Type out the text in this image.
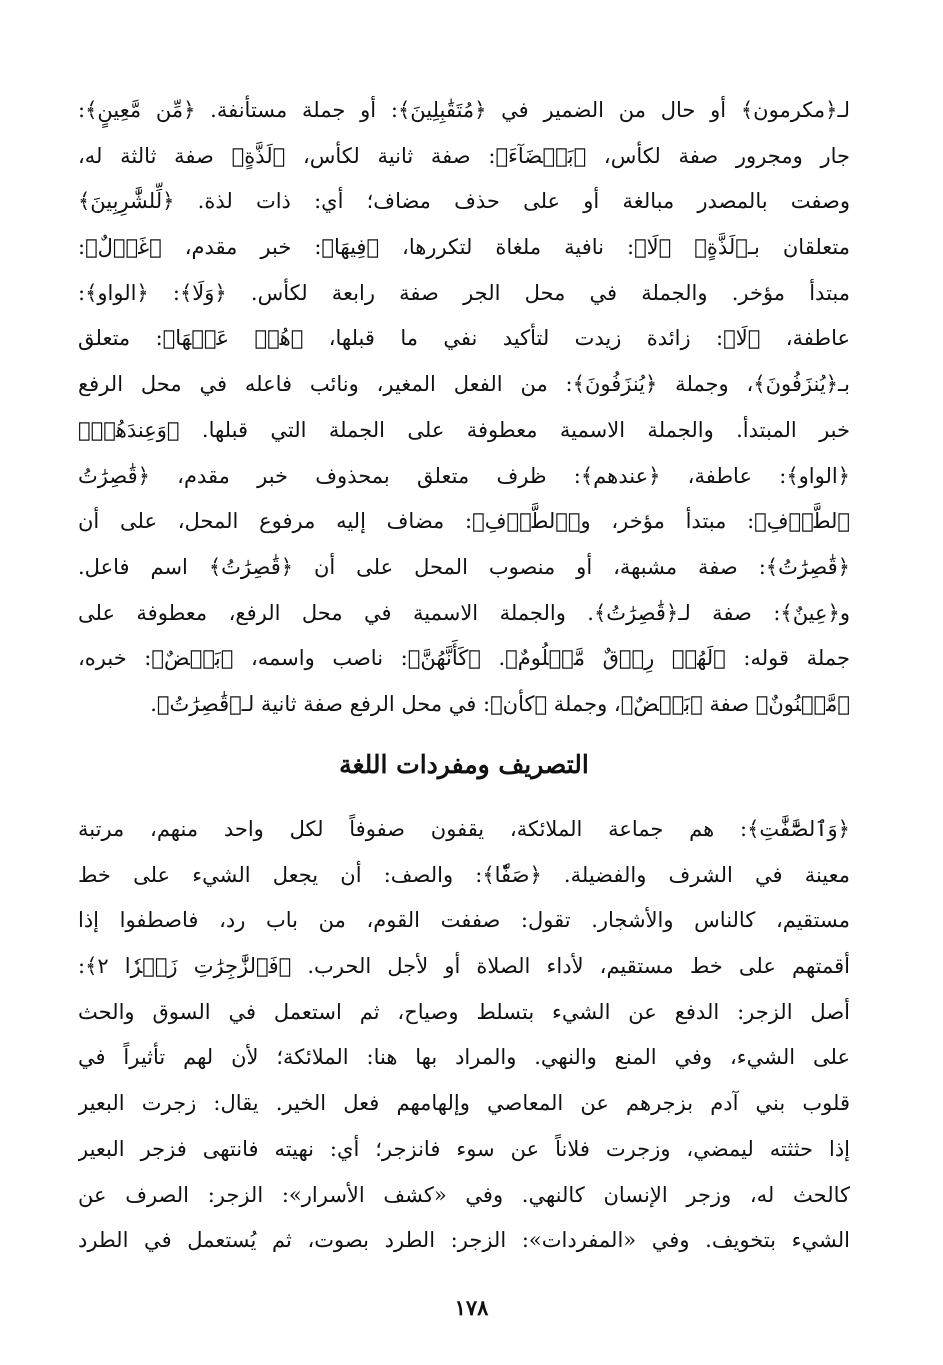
لـ﴿مكرمون﴾ أو حال من الضمير في ﴿مُتَقَٰبِلِينَ﴾: أو جملة مستأنفة. ﴿مِّن مَّعِينٍ﴾:
جار ومجرور صفة لكأس، ﴿بَيۡضَآءَ﴾: صفة ثانية لكأس، ﴿لَذَّةٍ﴾ صفة ثالثة له،
وصفت بالمصدر مبالغة أو على حذف مضاف؛ أي: ذات لذة. ﴿لِّلشَّٰرِبِينَ﴾
متعلقان بـ﴿لَذَّةٍ﴾ ﴿لَا﴾: نافية ملغاة لتكررها، ﴿فِيهَا﴾: خبر مقدم، ﴿غَوۡلٌ﴾:
مبتدأ مؤخر. والجملة في محل الجر صفة رابعة لكأس. ﴿وَلَا﴾: ﴿الواو﴾:
عاطفة، ﴿لَا﴾: زائدة زيدت لتأكيد نفي ما قبلها، ﴿هُمۡ عَنۡهَا﴾: متعلق
بـ﴿يُنزَفُونَ﴾، وجملة ﴿يُنزَفُونَ﴾: من الفعل المغير، ونائب فاعله في محل الرفع
خبر المبتدأ. والجملة الاسمية معطوفة على الجملة التي قبلها. ﴿وَعِندَهُمۡ﴾
﴿الواو﴾: عاطفة، ﴿عندهم﴾: ظرف متعلق بمحذوف خبر مقدم، ﴿قَٰصِرَٰتُ
ٱلطَّرۡفِ﴾: مبتدأ مؤخر، و﴿ٱلطَّرۡفِ﴾: مضاف إليه مرفوع المحل، على أن
﴿قَٰصِرَٰتُ﴾: صفة مشبهة، أو منصوب المحل على أن ﴿قَٰصِرَٰتُ﴾ اسم فاعل.
و﴿عِينٌ﴾: صفة لـ﴿قَٰصِرَٰتُ﴾. والجملة الاسمية في محل الرفع، معطوفة على
جملة قوله: ﴿لَهُمۡ رِزۡقٌ مَّعۡلُومٌ﴾. ﴿كَأَنَّهُنَّ﴾: ناصب واسمه، ﴿بَيۡضٌ﴾: خبره،
﴿مَّكۡنُونٌ﴾ صفة ﴿بَيۡضٌ﴾، وجملة ﴿كأن﴾: في محل الرفع صفة ثانية لـ﴿قَٰصِرَٰتُ﴾.
التصريف ومفردات اللغة
﴿وَٱلصَّٰٓفَّٰتِ﴾: هم جماعة الملائكة، يقفون صفوفاً لكل واحد منهم، مرتبة
معينة في الشرف والفضيلة. ﴿صَفّٗا﴾: والصف: أن يجعل الشيء على خط
مستقيم، كالناس والأشجار. تقول: صففت القوم، من باب رد، فاصطفوا إذا
أقمتهم على خط مستقيم، لأداء الصلاة أو لأجل الحرب. ﴿فَٱلزَّٰجِرَٰتِ زَجۡرٗا ٢﴾:
أصل الزجر: الدفع عن الشيء بتسلط وصياح، ثم استعمل في السوق والحث
على الشيء، وفي المنع والنهي. والمراد بها هنا: الملائكة؛ لأن لهم تأثيراً في
قلوب بني آدم بزجرهم عن المعاصي وإلهامهم فعل الخير. يقال: زجرت البعير
إذا حثثته ليمضي، وزجرت فلاناً عن سوء فانزجر؛ أي: نهيته فانتهى فزجر البعير
كالحث له، وزجر الإنسان كالنهي. وفي «كشف الأسرار»: الزجر: الصرف عن
الشيء بتخويف. وفي «المفردات»: الزجر: الطرد بصوت، ثم يُستعمل في الطرد
١٧٨
